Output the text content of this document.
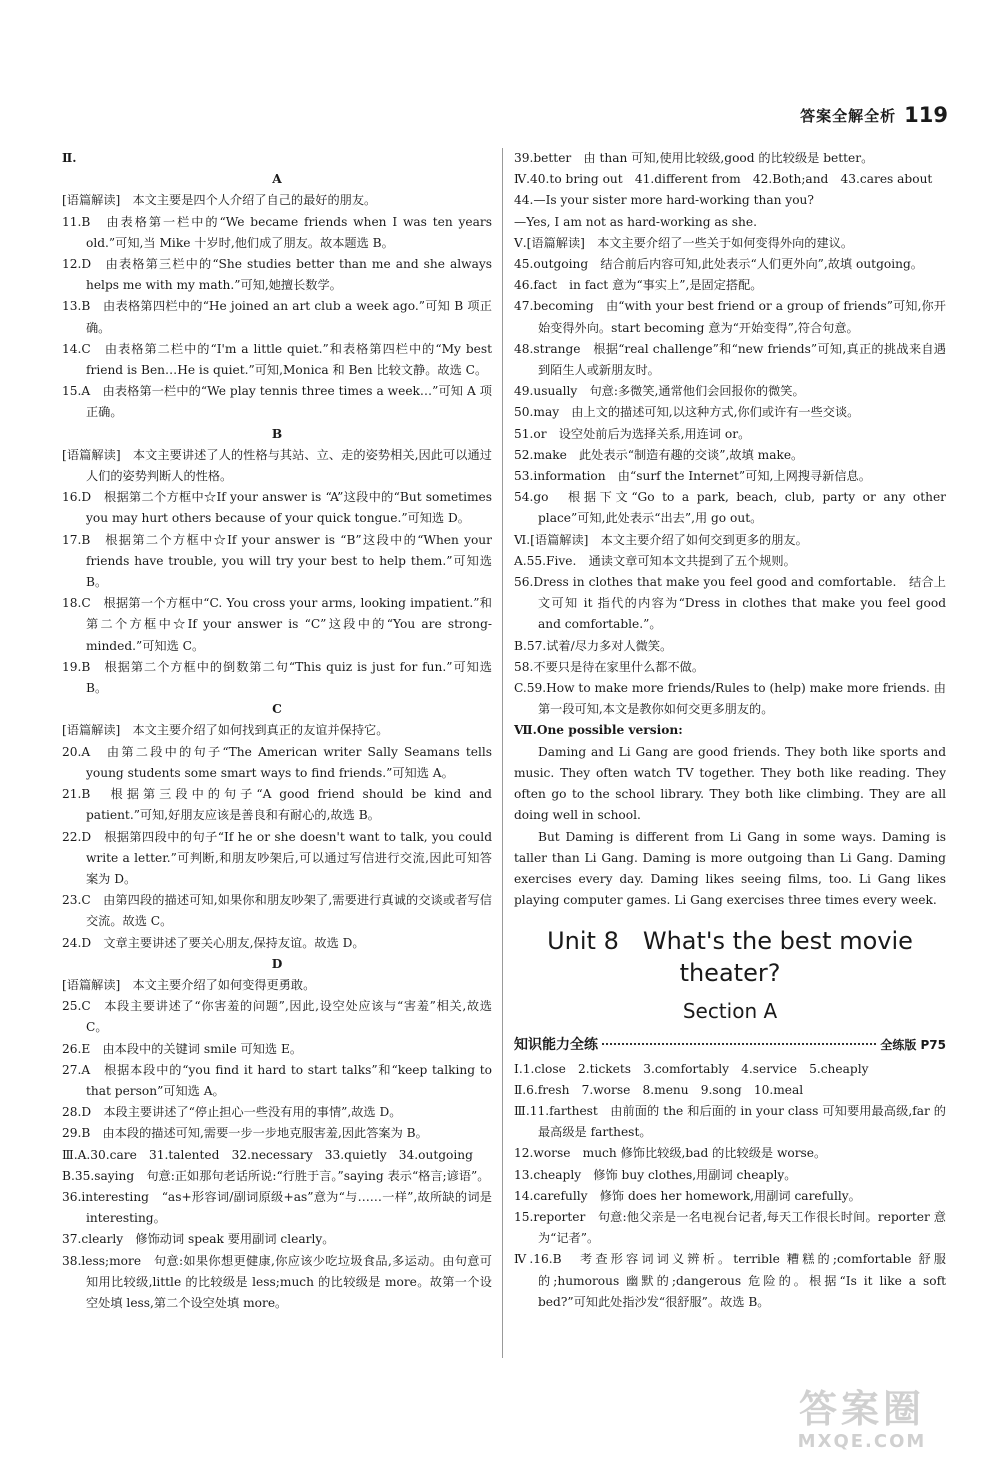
答案全解全析 119
Ⅱ.
A
[语篇解读]　本文主要是四个人介绍了自己的最好的朋友。
11.B　由表格第一栏中的“We became friends when I was ten years old.”可知,当 Mike 十岁时,他们成了朋友。故本题选 B。
12.D　由表格第三栏中的“She studies better than me and she always helps me with my math.”可知,她擅长数学。
13.B　由表格第四栏中的“He joined an art club a week ago.”可知 B 项正确。
14.C　由表格第二栏中的“I'm a little quiet.”和表格第四栏中的“My best friend is Ben…He is quiet.”可知,Monica 和 Ben 比较文静。故选 C。
15.A　由表格第一栏中的“We play tennis three times a week…”可知 A 项正确。
B
[语篇解读]　本文主要讲述了人的性格与其站、立、走的姿势相关,因此可以通过人们的姿势判断人的性格。
16.D　根据第二个方框中☆If your answer is “A”这段中的“But sometimes you may hurt others because of your quick tongue.”可知选 D。
17.B　根据第二个方框中☆If your answer is “B”这段中的“When your friends have trouble, you will try your best to help them.”可知选 B。
18.C　根据第一个方框中“C. You cross your arms, looking impatient.”和第二个方框中☆If your answer is “C”这段中的“You are strong-minded.”可知选 C。
19.B　根据第二个方框中的倒数第二句“This quiz is just for fun.”可知选 B。
C
[语篇解读]　本文主要介绍了如何找到真正的友谊并保持它。
20.A　由第二段中的句子“The American writer Sally Seamans tells young students some smart ways to find friends.”可知选 A。
21.B　根据第三段中的句子“A good friend should be kind and patient.”可知,好朋友应该是善良和有耐心的,故选 B。
22.D　根据第四段中的句子“If he or she doesn't want to talk, you could write a letter.”可判断,和朋友吵架后,可以通过写信进行交流,因此可知答案为 D。
23.C　由第四段的描述可知,如果你和朋友吵架了,需要进行真诚的交谈或者写信交流。故选 C。
24.D　文章主要讲述了要关心朋友,保持友谊。故选 D。
D
[语篇解读]　本文主要介绍了如何变得更勇敢。
25.C　本段主要讲述了“你害羞的问题”,因此,设空处应该与“害羞”相关,故选 C。
26.E　由本段中的关键词 smile 可知选 E。
27.A　根据本段中的“you find it hard to start talks”和“keep talking to that person”可知选 A。
28.D　本段主要讲述了“停止担心一些没有用的事情”,故选 D。
29.B　由本段的描述可知,需要一步一步地克服害羞,因此答案为 B。
Ⅲ.A.30.care　31.talented　32.necessary　33.quietly　34.outgoing
B.35.saying　句意:正如那句老话所说:“行胜于言。”saying 表示“格言;谚语”。
36.interesting　“as+形容词/副词原级+as”意为“与……一样”,故所缺的词是 interesting。
37.clearly　修饰动词 speak 要用副词 clearly。
38.less;more　句意:如果你想更健康,你应该少吃垃圾食品,多运动。由句意可知用比较级,little 的比较级是 less;much 的比较级是 more。故第一个设空处填 less,第二个设空处填 more。
39.better　由 than 可知,使用比较级,good 的比较级是 better。
Ⅳ.40.to bring out　41.different from　42.Both;and　43.cares about
44.—Is your sister more hard-working than you?
—Yes, I am not as hard-working as she.
Ⅴ.[语篇解读]　本文主要介绍了一些关于如何变得外向的建议。
45.outgoing　结合前后内容可知,此处表示“人们更外向”,故填 outgoing。
46.fact　in fact 意为“事实上”,是固定搭配。
47.becoming　由“with your best friend or a group of friends”可知,你开始变得外向。start becoming 意为“开始变得”,符合句意。
48.strange　根据“real challenge”和“new friends”可知,真正的挑战来自遇到陌生人或新朋友时。
49.usually　句意:多微笑,通常他们会回报你的微笑。
50.may　由上文的描述可知,以这种方式,你们或许有一些交谈。
51.or　设空处前后为选择关系,用连词 or。
52.make　此处表示“制造有趣的交谈”,故填 make。
53.information　由“surf the Internet”可知,上网搜寻新信息。
54.go　根据下文“Go to a park, beach, club, party or any other place”可知,此处表示“出去”,用 go out。
Ⅵ.[语篇解读]　本文主要介绍了如何交到更多的朋友。
A.55.Five.　通读文章可知本文共提到了五个规则。
56.Dress in clothes that make you feel good and comfortable.　结合上文可知 it 指代的内容为“Dress in clothes that make you feel good and comfortable.”。
B.57.试着/尽力多对人微笑。
58.不要只是待在家里什么都不做。
C.59.How to make more friends/Rules to (help) make more friends. 由第一段可知,本文是教你如何交更多朋友的。
Ⅶ.One possible version:
Daming and Li Gang are good friends. They both like sports and music. They often watch TV together. They both like reading. They often go to the school library. They both like climbing. They are all doing well in school.
But Daming is different from Li Gang in some ways. Daming is taller than Li Gang. Daming is more outgoing than Li Gang. Daming exercises every day. Daming likes seeing films, too. Li Gang likes playing computer games. Li Gang exercises three times every week.
Unit 8　What's the best movie theater?
Section A
知识能力全练	全练版 P75
Ⅰ.1.close　2.tickets　3.comfortably　4.service　5.cheaply
Ⅱ.6.fresh　7.worse　8.menu　9.song　10.meal
Ⅲ.11.farthest　由前面的 the 和后面的 in your class 可知要用最高级,far 的最高级是 farthest。
12.worse　much 修饰比较级,bad 的比较级是 worse。
13.cheaply　修饰 buy clothes,用副词 cheaply。
14.carefully　修饰 does her homework,用副词 carefully。
15.reporter　句意:他父亲是一名电视台记者,每天工作很长时间。reporter 意为“记者”。
Ⅳ.16.B　考查形容词词义辨析。terrible 糟糕的;comfortable 舒服的;humorous 幽默的;dangerous 危险的。根据“Is it like a soft bed?”可知此处指沙发“很舒服”。故选 B。
答案圈
MXQE.COM
